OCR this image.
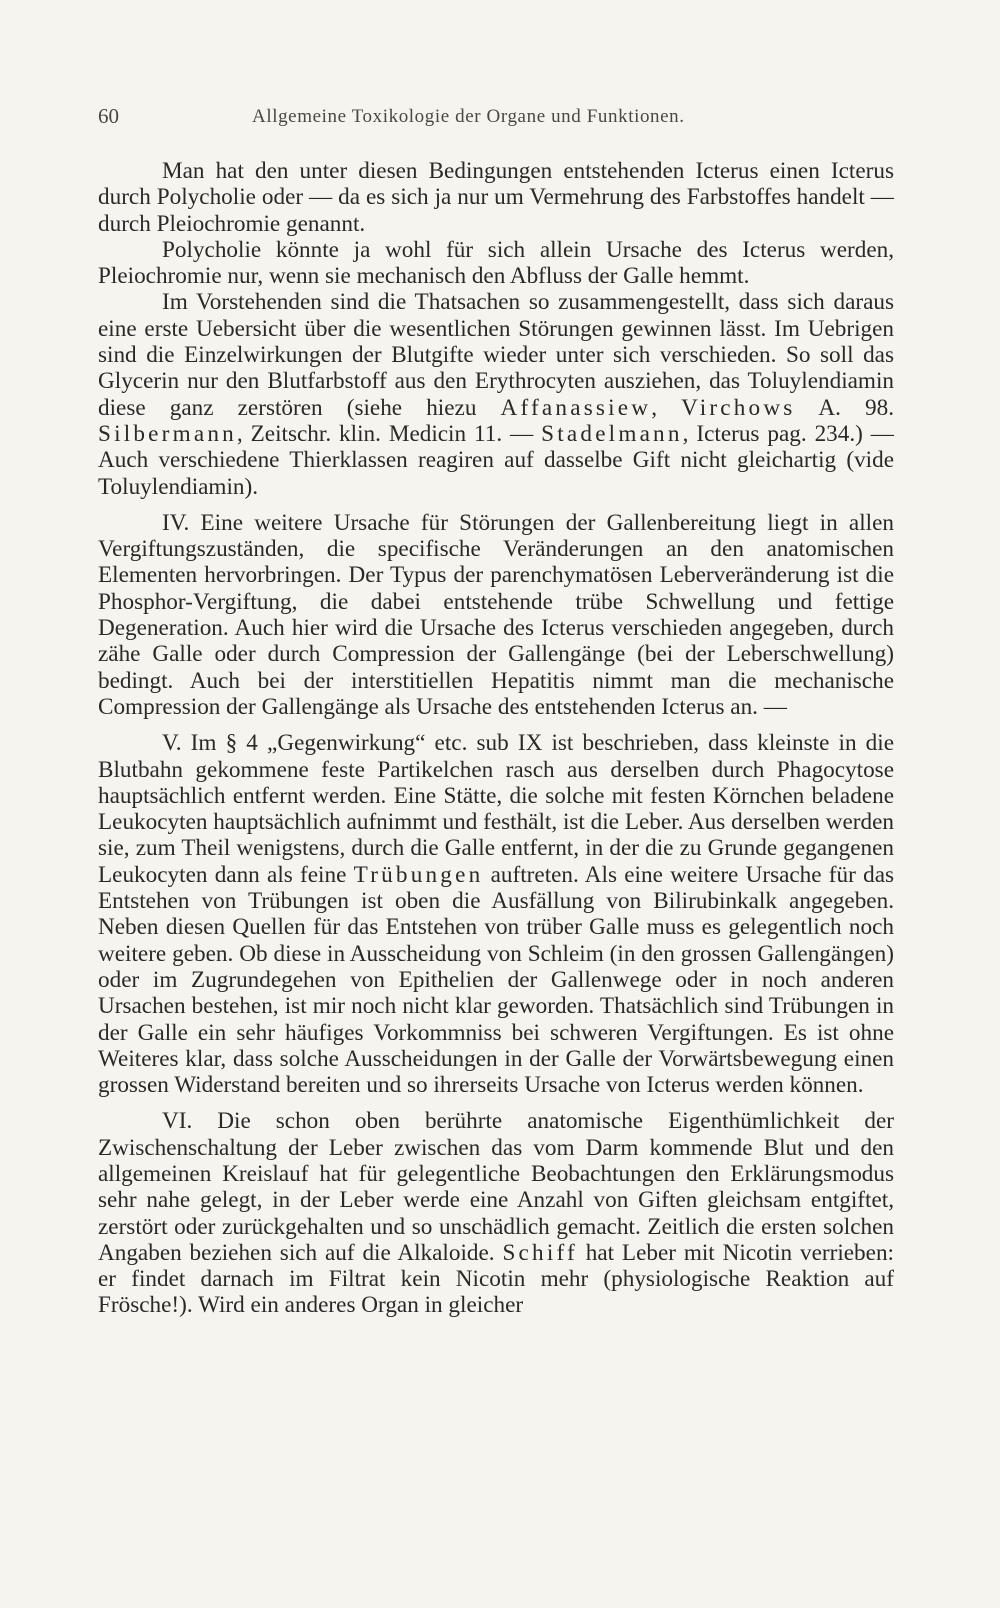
60	Allgemeine Toxikologie der Organe und Funktionen.

Man hat den unter diesen Bedingungen entstehenden Icterus einen Icterus durch Polycholie oder — da es sich ja nur um Vermehrung des Farbstoffes handelt — durch Pleiochromie genannt.

Polycholie könnte ja wohl für sich allein Ursache des Icterus werden, Pleiochromie nur, wenn sie mechanisch den Abfluss der Galle hemmt.

Im Vorstehenden sind die Thatsachen so zusammengestellt, dass sich daraus eine erste Uebersicht über die wesentlichen Störungen gewinnen lässt. Im Uebrigen sind die Einzelwirkungen der Blutgifte wieder unter sich verschieden. So soll das Glycerin nur den Blutfarbstoff aus den Erythrocyten ausziehen, das Toluylendiamin diese ganz zerstören (siehe hiezu Affanassiew, Virchows A. 98. Silbermann, Zeitschr. klin. Medicin 11. — Stadelmann, Icterus pag. 234.) — Auch verschiedene Thierklassen reagiren auf dasselbe Gift nicht gleichartig (vide Toluylendiamin).

IV. Eine weitere Ursache für Störungen der Gallenbereitung liegt in allen Vergiftungszuständen, die specifische Veränderungen an den anatomischen Elementen hervorbringen. Der Typus der parenchymatösen Leberveränderung ist die Phosphor-Vergiftung, die dabei entstehende trübe Schwellung und fettige Degeneration. Auch hier wird die Ursache des Icterus verschieden angegeben, durch zähe Galle oder durch Compression der Gallengänge (bei der Leberschwellung) bedingt. Auch bei der interstitiellen Hepatitis nimmt man die mechanische Compression der Gallengänge als Ursache des entstehenden Icterus an. —

V. Im § 4 „Gegenwirkung“ etc. sub IX ist beschrieben, dass kleinste in die Blutbahn gekommene feste Partikelchen rasch aus derselben durch Phagocytose hauptsächlich entfernt werden. Eine Stätte, die solche mit festen Körnchen beladene Leukocyten hauptsächlich aufnimmt und festhält, ist die Leber. Aus derselben werden sie, zum Theil wenigstens, durch die Galle entfernt, in der die zu Grunde gegangenen Leukocyten dann als feine Trübungen auftreten. Als eine weitere Ursache für das Entstehen von Trübungen ist oben die Ausfällung von Bilirubinkalk angegeben. Neben diesen Quellen für das Entstehen von trüber Galle muss es gelegentlich noch weitere geben. Ob diese in Ausscheidung von Schleim (in den grossen Gallengängen) oder im Zugrundegehen von Epithelien der Gallenwege oder in noch anderen Ursachen bestehen, ist mir noch nicht klar geworden. Thatsächlich sind Trübungen in der Galle ein sehr häufiges Vorkommniss bei schweren Vergiftungen. Es ist ohne Weiteres klar, dass solche Ausscheidungen in der Galle der Vorwärtsbewegung einen grossen Widerstand bereiten und so ihrerseits Ursache von Icterus werden können.

VI. Die schon oben berührte anatomische Eigenthümlichkeit der Zwischenschaltung der Leber zwischen das vom Darm kommende Blut und den allgemeinen Kreislauf hat für gelegentliche Beobachtungen den Erklärungsmodus sehr nahe gelegt, in der Leber werde eine Anzahl von Giften gleichsam entgiftet, zerstört oder zurückgehalten und so unschädlich gemacht. Zeitlich die ersten solchen Angaben beziehen sich auf die Alkaloide. Schiff hat Leber mit Nicotin verrieben: er findet darnach im Filtrat kein Nicotin mehr (physiologische Reaktion auf Frösche!). Wird ein anderes Organ in gleicher
